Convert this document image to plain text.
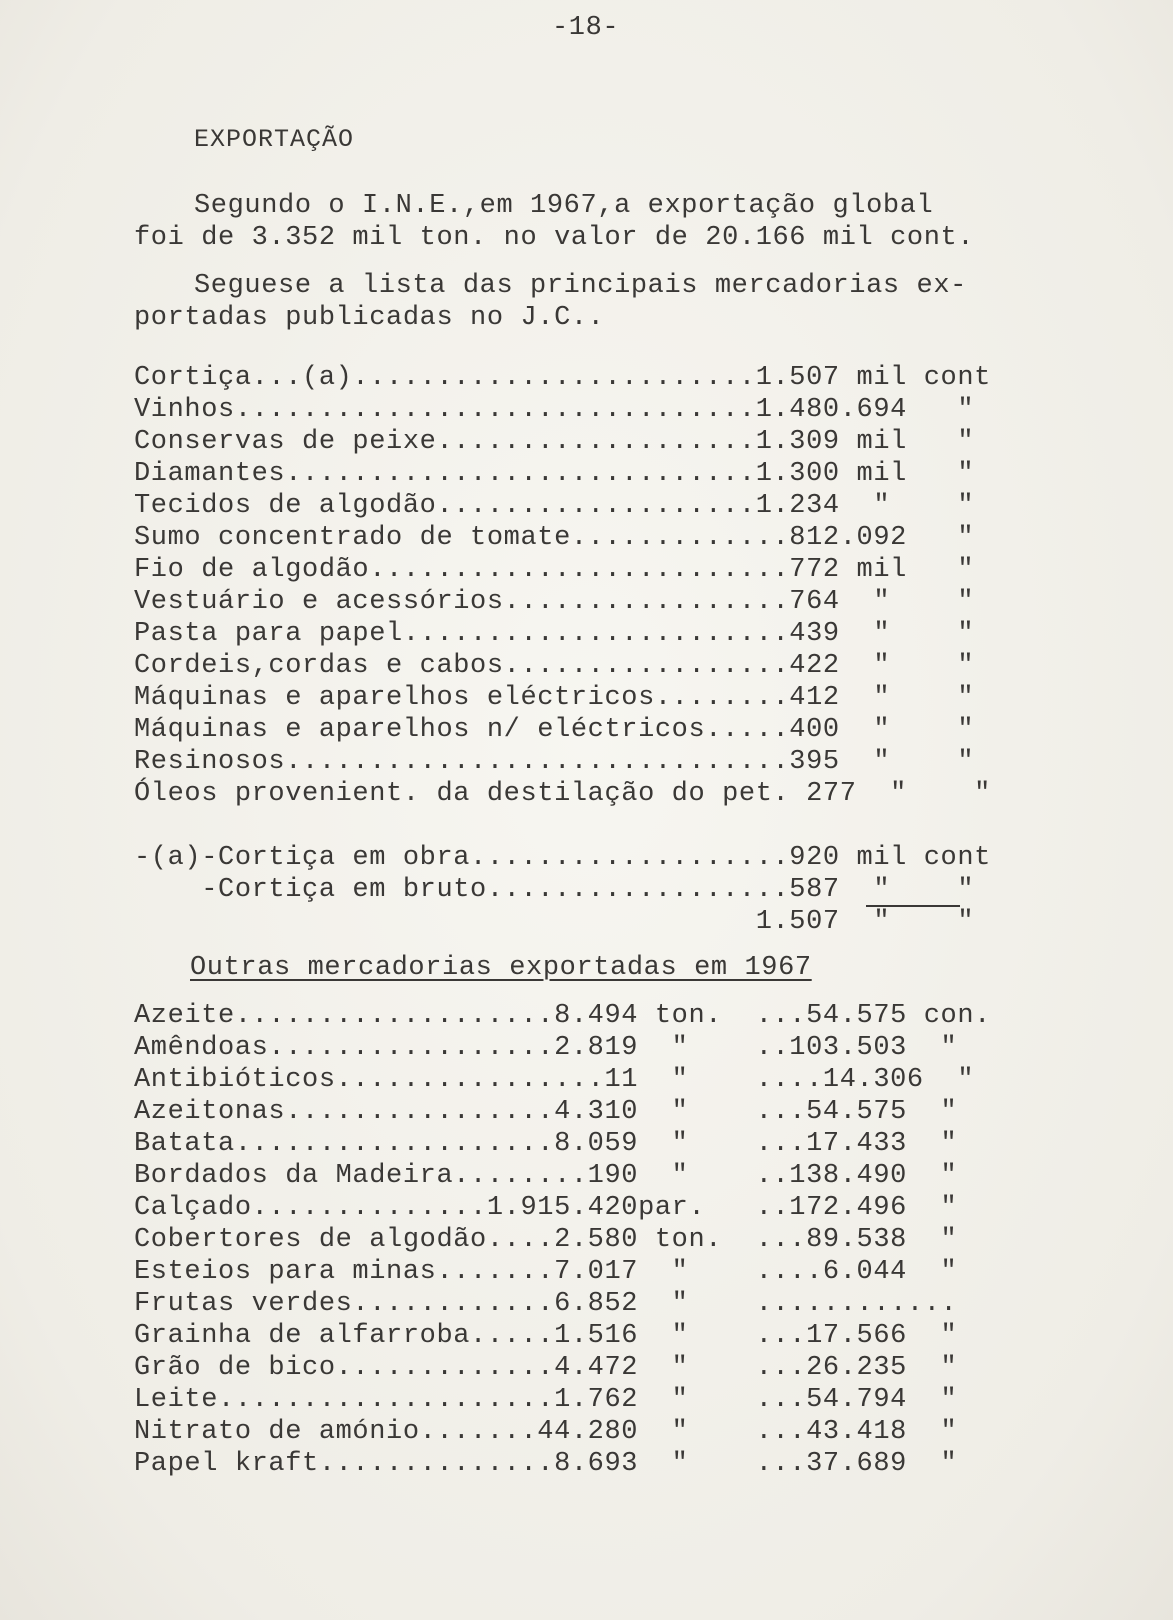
-18-
EXPORTAÇÃO
Segundo o I.N.E.,em 1967,a exportação global
foi de 3.352 mil ton. no valor de 20.166 mil cont.
Seguese a lista das principais mercadorias ex-
portadas publicadas no J.C..
Cortiça...(a)........................1.507 mil cont
Vinhos...............................1.480.694   "
Conservas de peixe...................1.309 mil   "
Diamantes............................1.300 mil   "
Tecidos de algodão...................1.234  "    "
Sumo concentrado de tomate.............812.092   "
Fio de algodão.........................772 mil   "
Vestuário e acessórios.................764  "    "
Pasta para papel.......................439  "    "
Cordeis,cordas e cabos.................422  "    "
Máquinas e aparelhos eléctricos........412  "    "
Máquinas e aparelhos n/ eléctricos.....400  "    "
Resinosos..............................395  "    "
Óleos provenient. da destilação do pet. 277  "    "
-(a)-Cortiça em obra...................920 mil cont
-Cortiça em bruto..................587  "    "
1.507  "    "
Outras mercadorias exportadas em 1967
Azeite...................8.494 ton.  ...54.575 con.
Amêndoas.................2.819  "    ..103.503  "
Antibióticos................11  "    ....14.306  "
Azeitonas................4.310  "    ...54.575  "
Batata...................8.059  "    ...17.433  "
Bordados da Madeira........190  "    ..138.490  "
Calçado..............1.915.420par.   ..172.496  "
Cobertores de algodão....2.580 ton.  ...89.538  "
Esteios para minas.......7.017  "    ....6.044  "
Frutas verdes............6.852  "    ............
Grainha de alfarroba.....1.516  "    ...17.566  "
Grão de bico.............4.472  "    ...26.235  "
Leite....................1.762  "    ...54.794  "
Nitrato de amónio.......44.280  "    ...43.418  "
Papel kraft..............8.693  "    ...37.689  "
